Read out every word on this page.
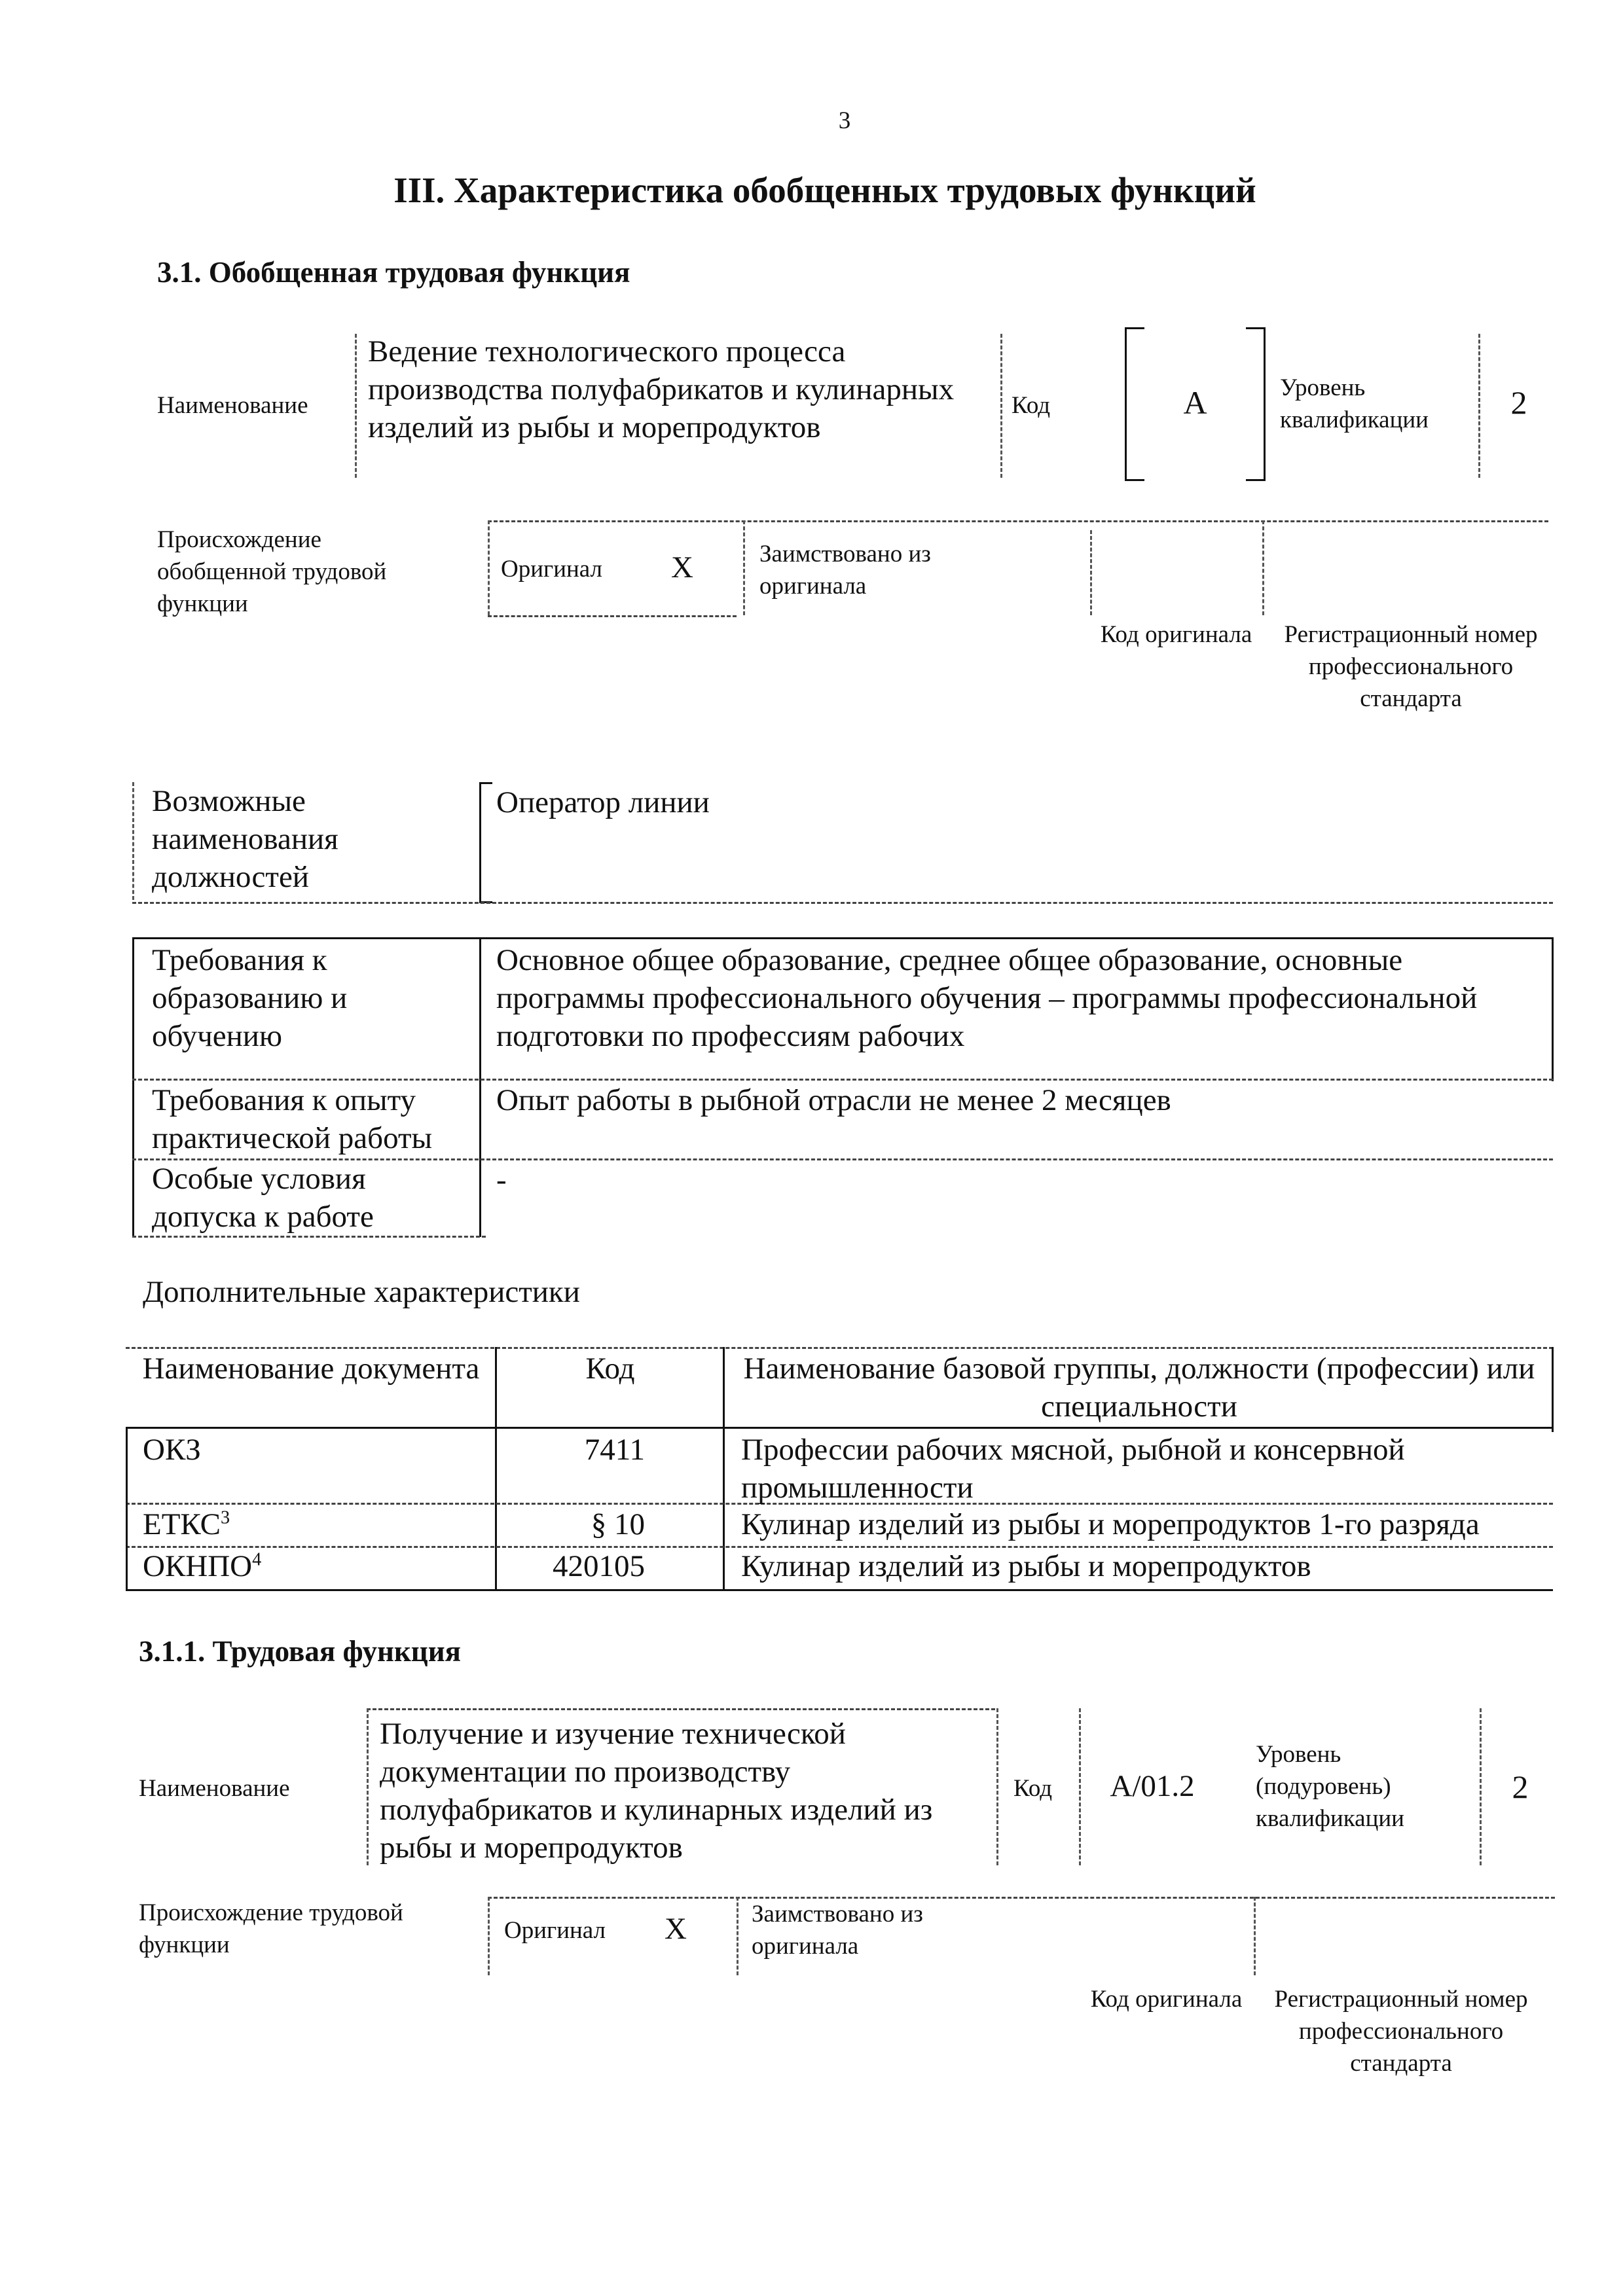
3
III. Характеристика обобщенных трудовых функций
3.1. Обобщенная трудовая функция
Наименование
Ведение технологического процесса производства полуфабрикатов и кулинарных изделий из рыбы и морепродуктов
Код	А	Уровень квалификации	2
Происхождение обобщенной трудовой функции
Оригинал X	Заимствовано из оригинала
Код оригинала	Регистрационный номер профессионального стандарта
Возможные наименования должностей
Оператор линии
Требования к образованию и обучению
Основное общее образование, среднее общее образование, основные программы профессионального обучения – программы профессиональной подготовки по профессиям рабочих
Требования к опыту практической работы
Опыт работы в рыбной отрасли не менее 2 месяцев
Особые условия допуска к работе
-
Дополнительные характеристики
Наименование документа	Код	Наименование базовой группы, должности (профессии) или специальности
ОКЗ	7411	Профессии рабочих мясной, рыбной и консервной промышленности
ЕТКС$^3$	§ 10	Кулинар изделий из рыбы и морепродуктов 1-го разряда
ОКНПО$^4$	420105	Кулинар изделий из рыбы и морепродуктов
3.1.1. Трудовая функция
Наименование
Получение и изучение технической документации по производству полуфабрикатов и кулинарных изделий из рыбы и морепродуктов
Код	А/01.2
Уровень (подуровень) квалификации
2
Происхождение трудовой функции
Оригинал X	Заимствовано из оригинала
Код оригинала	Регистрационный номер профессионального стандарта
